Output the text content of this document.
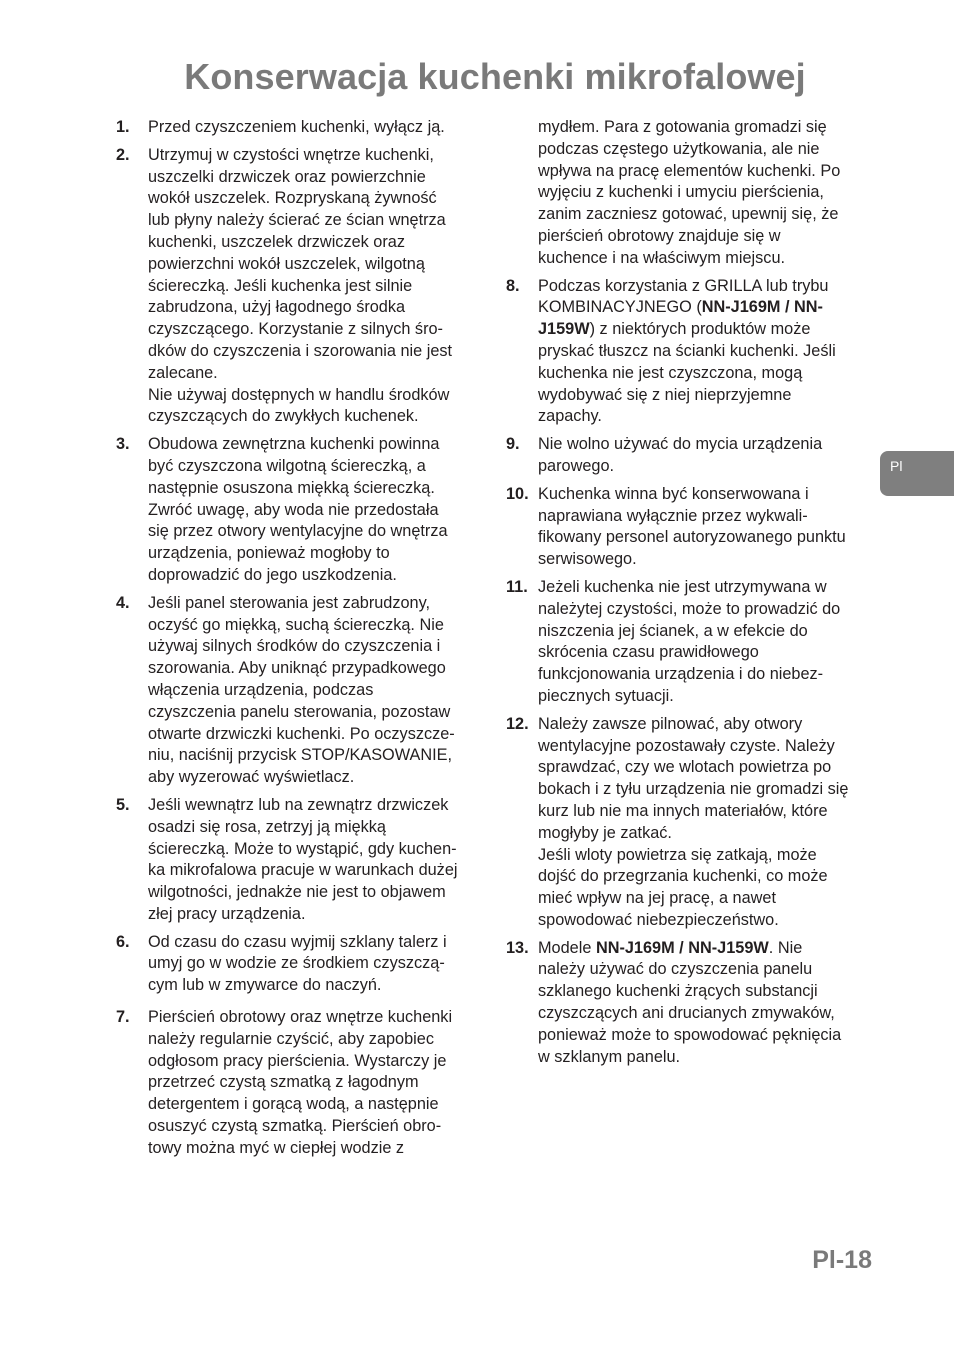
Konserwacja kuchenki mikrofalowej
1. Przed czyszczeniem kuchenki, wyłącz ją.
2. Utrzymuj w czystości wnętrze kuchenki,
uszczelki drzwiczek oraz powierzchnie
wokół uszczelek. Rozpryskaną żywność
lub płyny należy ścierać ze ścian wnętrza
kuchenki, uszczelek drzwiczek oraz
powierzchni wokół uszczelek, wilgotną
ściereczką. Jeśli kuchenka jest silnie
zabrudzona, użyj łagodnego środka
czyszczącego. Korzystanie z silnych śro-
dków do czyszczenia i szorowania nie jest
zalecane.
Nie używaj dostępnych w handlu środków
czyszczących do zwykłych kuchenek.
3. Obudowa zewnętrzna kuchenki powinna
być czyszczona wilgotną ściereczką, a
następnie osuszona miękką ściereczką.
Zwróć uwagę, aby woda nie przedostała
się przez otwory wentylacyjne do wnętrza
urządzenia, ponieważ mogłoby to
doprowadzić do jego uszkodzenia.
4. Jeśli panel sterowania jest zabrudzony,
oczyść go miękką, suchą ściereczką. Nie
używaj silnych środków do czyszczenia i
szorowania. Aby uniknąć przypadkowego
włączenia urządzenia, podczas
czyszczenia panelu sterowania, pozostaw
otwarte drzwiczki kuchenki. Po oczyszcze-
niu, naciśnij przycisk STOP/KASOWANIE,
aby wyzerować wyświetlacz.
5. Jeśli wewnątrz lub na zewnątrz drzwiczek
osadzi się rosa, zetrzyj ją miękką
ściereczką. Może to wystąpić, gdy kuchen-
ka mikrofalowa pracuje w warunkach dużej
wilgotności, jednakże nie jest to objawem
złej pracy urządzenia.
6. Od czasu do czasu wyjmij szklany talerz i
umyj go w wodzie ze środkiem czyszczą-
cym lub w zmywarce do naczyń.
7. Pierścień obrotowy oraz wnętrze kuchenki
należy regularnie czyścić, aby zapobiec
odgłosom pracy pierścienia. Wystarczy je
przetrzeć czystą szmatką z łagodnym
detergentem i gorącą wodą, a następnie
osuszyć czystą szmatką. Pierścień obro-
towy można myć w ciepłej wodzie z
mydłem. Para z gotowania gromadzi się
podczas częstego użytkowania, ale nie
wpływa na pracę elementów kuchenki. Po
wyjęciu z kuchenki i umyciu pierścienia,
zanim zaczniesz gotować, upewnij się, że
pierścień obrotowy znajduje się w
kuchence i na właściwym miejscu.
8. Podczas korzystania z GRILLA lub trybu
KOMBINACYJNEGO (NN-J169M / NN-
J159W) z niektórych produktów może
pryskać tłuszcz na ścianki kuchenki. Jeśli
kuchenka nie jest czyszczona, mogą
wydobywać się z niej nieprzyjemne
zapachy.
9. Nie wolno używać do mycia urządzenia
parowego.
10. Kuchenka winna być konserwowana i
naprawiana wyłącznie przez wykwali-
fikowany personel autoryzowanego punktu
serwisowego.
11. Jeżeli kuchenka nie jest utrzymywana w
należytej czystości, może to prowadzić do
niszczenia jej ścianek, a w efekcie do
skrócenia czasu prawidłowego
funkcjonowania urządzenia i do niebez-
piecznych sytuacji.
12. Należy zawsze pilnować, aby otwory
wentylacyjne pozostawały czyste. Należy
sprawdzać, czy we wlotach powietrza po
bokach i z tyłu urządzenia nie gromadzi się
kurz lub nie ma innych materiałów, które
mogłyby je zatkać.
Jeśli wloty powietrza się zatkają, może
dojść do przegrzania kuchenki, co może
mieć wpływ na jej pracę, a nawet
spowodować niebezpieczeństwo.
13. Modele NN-J169M / NN-J159W. Nie
należy używać do czyszczenia panelu
szklanego kuchenki żrących substancji
czyszczących ani drucianych zmywaków,
ponieważ może to spowodować pęknięcia
w szklanym panelu.
Pl
Pl-18
